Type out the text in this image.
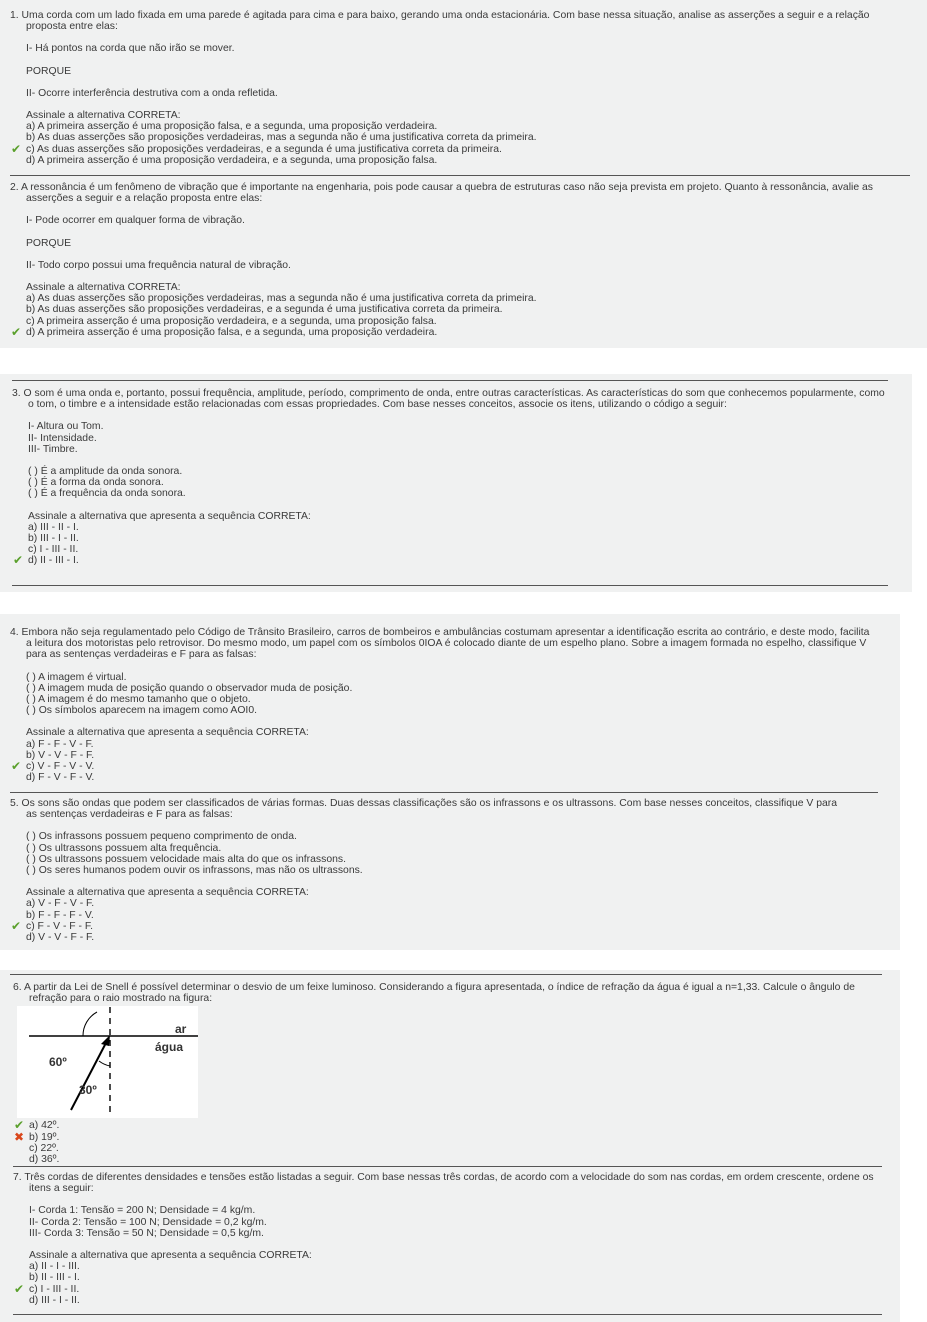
1. Uma corda com um lado fixada em uma parede é agitada para cima e para baixo, gerando uma onda estacionária. Com base nessa situação, analise as asserções a seguir e a relação proposta entre elas:
I- Há pontos na corda que não irão se mover.
PORQUE
II- Ocorre interferência destrutiva com a onda refletida.
Assinale a alternativa CORRETA:
a) A primeira asserção é uma proposição falsa, e a segunda, uma proposição verdadeira.
b) As duas asserções são proposições verdadeiras, mas a segunda não é uma justificativa correta da primeira.
✔ c) As duas asserções são proposições verdadeiras, e a segunda é uma justificativa correta da primeira.
d) A primeira asserção é uma proposição verdadeira, e a segunda, uma proposição falsa.
2. A ressonância é um fenômeno de vibração que é importante na engenharia, pois pode causar a quebra de estruturas caso não seja prevista em projeto. Quanto à ressonância, avalie as asserções a seguir e a relação proposta entre elas:
I- Pode ocorrer em qualquer forma de vibração.
PORQUE
II- Todo corpo possui uma frequência natural de vibração.
Assinale a alternativa CORRETA:
a) As duas asserções são proposições verdadeiras, mas a segunda não é uma justificativa correta da primeira.
b) As duas asserções são proposições verdadeiras, e a segunda é uma justificativa correta da primeira.
c) A primeira asserção é uma proposição verdadeira, e a segunda, uma proposição falsa.
✔ d) A primeira asserção é uma proposição falsa, e a segunda, uma proposição verdadeira.
3. O som é uma onda e, portanto, possui frequência, amplitude, período, comprimento de onda, entre outras características. As características do som que conhecemos popularmente, como o tom, o timbre e a intensidade estão relacionadas com essas propriedades. Com base nesses conceitos, associe os itens, utilizando o código a seguir:
I- Altura ou Tom.
II- Intensidade.
III- Timbre.
( ) É a amplitude da onda sonora.
( ) É a forma da onda sonora.
( ) É a frequência da onda sonora.
Assinale a alternativa que apresenta a sequência CORRETA:
a) III - II - I.
b) III - I - II.
c) I - III - II.
✔ d) II - III - I.
4. Embora não seja regulamentado pelo Código de Trânsito Brasileiro, carros de bombeiros e ambulâncias costumam apresentar a identificação escrita ao contrário, e deste modo, facilita a leitura dos motoristas pelo retrovisor. Do mesmo modo, um papel com os símbolos 0IOA é colocado diante de um espelho plano. Sobre a imagem formada no espelho, classifique V para as sentenças verdadeiras e F para as falsas:
( ) A imagem é virtual.
( ) A imagem muda de posição quando o observador muda de posição.
( ) A imagem é do mesmo tamanho que o objeto.
( ) Os símbolos aparecem na imagem como AOI0.
Assinale a alternativa que apresenta a sequência CORRETA:
a) F - F - V - F.
b) V - V - F - F.
✔ c) V - F - V - V.
d) F - V - F - V.
5. Os sons são ondas que podem ser classificados de várias formas. Duas dessas classificações são os infrassons e os ultrassons. Com base nesses conceitos, classifique V para as sentenças verdadeiras e F para as falsas:
( ) Os infrassons possuem pequeno comprimento de onda.
( ) Os ultrassons possuem alta frequência.
( ) Os ultrassons possuem velocidade mais alta do que os infrassons.
( ) Os seres humanos podem ouvir os infrassons, mas não os ultrassons.
Assinale a alternativa que apresenta a sequência CORRETA:
a) V - F - V - F.
b) F - F - F - V.
✔ c) F - V - F - F.
d) V - V - F - F.
6. A partir da Lei de Snell é possível determinar o desvio de um feixe luminoso. Considerando a figura apresentada, o índice de refração da água é igual a n=1,33. Calcule o ângulo de refração para o raio mostrado na figura:
ar
água
60º
30º
✔ a) 42º.
✖ b) 19º.
c) 22º.
d) 36º.
7. Três cordas de diferentes densidades e tensões estão listadas a seguir. Com base nessas três cordas, de acordo com a velocidade do som nas cordas, em ordem crescente, ordene os itens a seguir:
I- Corda 1: Tensão = 200 N; Densidade = 4 kg/m.
II- Corda 2: Tensão = 100 N; Densidade = 0,2 kg/m.
III- Corda 3: Tensão = 50 N; Densidade = 0,5 kg/m.
Assinale a alternativa que apresenta a sequência CORRETA:
a) II - I - III.
b) II - III - I.
✔ c) I - III - II.
d) III - I - II.
